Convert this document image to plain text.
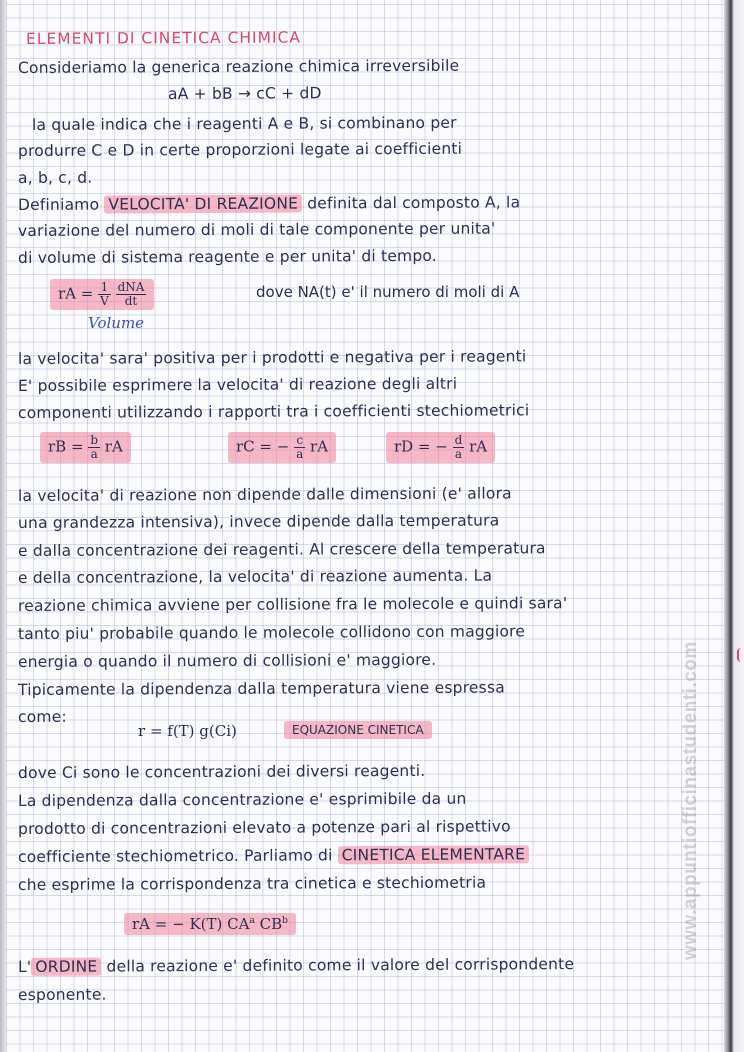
ELEMENTI DI CINETICA CHIMICA
Consideriamo la generica reazione chimica irreversibile
aA + bB → cC + dD
la quale indica che i reagenti A e B, si combinano per
produrre C e D in certe proporzioni legate ai coefficienti
a, b, c, d.
Definiamo VELOCITA' DI REAZIONE definita dal composto A, la
variazione del numero di moli di tale componente per unita'
di volume di sistema reagente e per unita' di tempo.
rA = $\frac{1}{V}$
$\frac{\text{dNA}}{dt}$	dove NA(t) e' il numero di moli di A
Volume
la velocita' sara' positiva per i prodotti e negativa per i reagenti
E' possibile esprimere la velocita' di reazione degli altri
componenti utilizzando i rapporti tra i coefficienti stechiometrici
rB = $\frac{b}{a}$ rA	rC = − $\frac{c}{a}$ rA	rD = − $\frac{d}{a}$ rA
la velocita' di reazione non dipende dalle dimensioni (e' allora
una grandezza intensiva), invece dipende dalla temperatura
e dalla concentrazione dei reagenti. Al crescere della temperatura
e della concentrazione, la velocita' di reazione aumenta. La
reazione chimica avviene per collisione fra le molecole e quindi sara'
tanto piu' probabile quando le molecole collidono con maggiore
energia o quando il numero di collisioni e' maggiore.
Tipicamente la dipendenza dalla temperatura viene espressa
come:
r = f(T) g(Ci)	EQUAZIONE CINETICA
dove Ci sono le concentrazioni dei diversi reagenti.
La dipendenza dalla concentrazione e' esprimibile da un
prodotto di concentrazioni elevato a potenze pari al rispettivo
coefficiente stechiometrico. Parliamo di CINETICA ELEMENTARE
che esprime la corrispondenza tra cinetica e stechiometria
rA = − K(T) $CA^a$ $CB^b$
L' ORDINE della reazione e' definito come il valore del corrispondente
esponente.
www.appuntiofficinastudenti.com
